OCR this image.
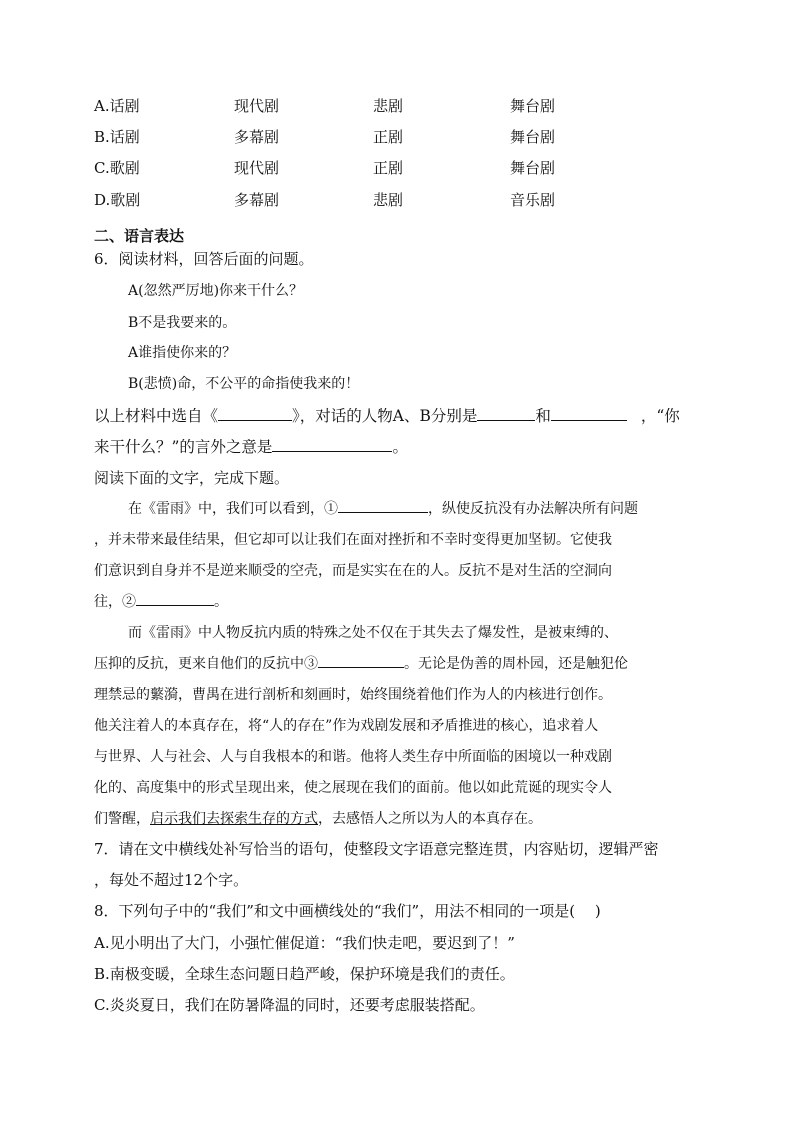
A.话剧	现代剧	悲剧	舞台剧
B.话剧	多幕剧	正剧	舞台剧
C.歌剧	现代剧	正剧	舞台剧
D.歌剧	多幕剧	悲剧	音乐剧
二、语言表达
6．阅读材料，回答后面的问题。
A(忽然严厉地)你来干什么？
B不是我要来的。
A谁指使你来的？
B(悲愤)命，不公平的命指使我来的！
以上材料中选自《	》，对话的人物A、B分别是	和	，“你
来干什么？”的言外之意是	。
阅读下面的文字，完成下题。
在《雷雨》中，我们可以看到，①	，纵使反抗没有办法解决所有问题
，并未带来最佳结果，但它却可以让我们在面对挫折和不幸时变得更加坚韧。它使我
们意识到自身并不是逆来顺受的空壳，而是实实在在的人。反抗不是对生活的空洞向
往，②	。
而《雷雨》中人物反抗内质的特殊之处不仅在于其失去了爆发性，是被束缚的、
压抑的反抗，更来自他们的反抗中③	。无论是伪善的周朴园，还是触犯伦
理禁忌的蘩漪，曹禺在进行剖析和刻画时，始终围绕着他们作为人的内核进行创作。
他关注着人的本真存在，将“人的存在”作为戏剧发展和矛盾推进的核心，追求着人
与世界、人与社会、人与自我根本的和谐。他将人类生存中所面临的困境以一种戏剧
化的、高度集中的形式呈现出来，使之展现在我们的面前。他以如此荒诞的现实令人
们警醒，启示我们去探索生存的方式，去感悟人之所以为人的本真存在。
7．请在文中横线处补写恰当的语句，使整段文字语意完整连贯，内容贴切，逻辑严密
，每处不超过12个字。
8．下列句子中的“我们”和文中画横线处的“我们”，用法不相同的一项是(　 )
A.见小明出了大门，小强忙催促道：“我们快走吧，要迟到了！”
B.南极变暖，全球生态问题日趋严峻，保护环境是我们的责任。
C.炎炎夏日，我们在防暑降温的同时，还要考虑服装搭配。
